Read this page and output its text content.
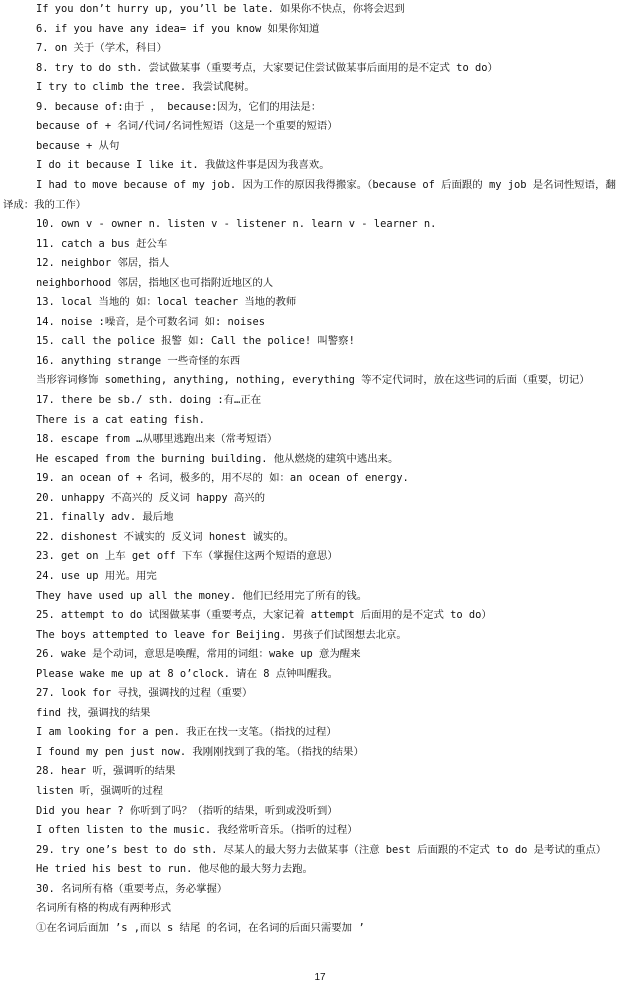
If you don’t hurry up, you’ll be late. 如果你不快点，你将会迟到
6. if you have any idea= if you know 如果你知道
7. on 关于（学术，科目）
8. try to do sth. 尝试做某事（重要考点，大家要记住尝试做某事后面用的是不定式 to do）
I try to climb the tree. 我尝试爬树。
9. because of:由于 ， because:因为，它们的用法是：
because of + 名词/代词/名词性短语（这是一个重要的短语）
because + 从句
I do it because I like it. 我做这件事是因为我喜欢。
I had to move because of my job. 因为工作的原因我得搬家。（because of 后面跟的 my job 是名词性短语，翻
译成：我的工作）
10. own v - owner n. listen v - listener n. learn v - learner n.
11. catch a bus 赶公车
12. neighbor 邻居，指人
neighborhood 邻居，指地区也可指附近地区的人
13. local 当地的 如：local teacher 当地的教师
14. noise :噪音，是个可数名词 如: noises
15. call the police 报警 如: Call the police! 叫警察!
16. anything strange 一些奇怪的东西
当形容词修饰 something, anything, nothing, everything 等不定代词时，放在这些词的后面（重要，切记）
17. there be sb./ sth. doing :有…正在
There is a cat eating fish.
18. escape from …从哪里逃跑出来（常考短语）
He escaped from the burning building. 他从燃烧的建筑中逃出来。
19. an ocean of + 名词，极多的，用不尽的 如：an ocean of energy.
20. unhappy 不高兴的 反义词 happy 高兴的
21. finally adv. 最后地
22. dishonest 不诚实的 反义词 honest 诚实的。
23. get on 上车 get off 下车（掌握住这两个短语的意思）
24. use up 用光。用完
They have used up all the money. 他们已经用完了所有的钱。
25. attempt to do 试图做某事（重要考点，大家记着 attempt 后面用的是不定式 to do）
The boys attempted to leave for Beijing. 男孩子们试图想去北京。
26. wake 是个动词，意思是唤醒，常用的词组：wake up 意为醒来
Please wake me up at 8 o’clock. 请在 8 点钟叫醒我。
27. look for 寻找，强调找的过程（重要）
find 找，强调找的结果
I am looking for a pen. 我正在找一支笔。（指找的过程）
I found my pen just now. 我刚刚找到了我的笔。（指找的结果）
28. hear 听，强调听的结果
listen 听，强调听的过程
Did you hear ? 你听到了吗？（指听的结果，听到或没听到）
I often listen to the music. 我经常听音乐。（指听的过程）
29. try one’s best to do sth. 尽某人的最大努力去做某事（注意 best 后面跟的不定式 to do 是考试的重点）
He tried his best to run. 他尽他的最大努力去跑。
30. 名词所有格（重要考点，务必掌握）
名词所有格的构成有两种形式
①在名词后面加 ’s ,而以 s 结尾 的名词，在名词的后面只需要加 ’
17
